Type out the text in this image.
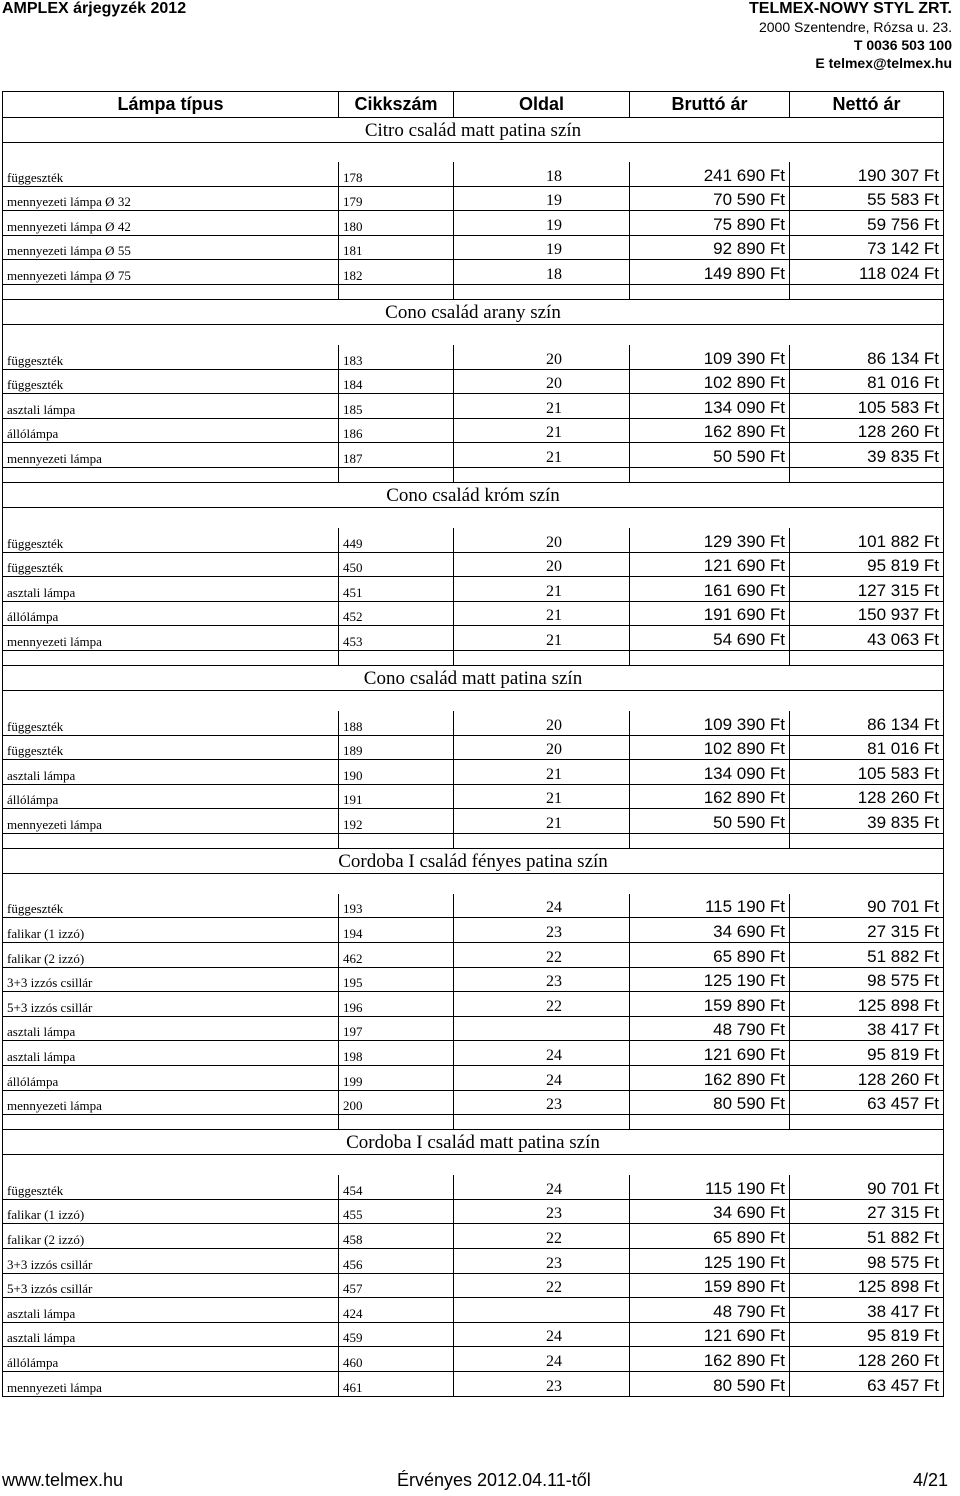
AMPLEX árjegyzék 2012	TELMEX-NOWY STYL ZRT.
2000 Szentendre, Rózsa u. 23.
T 0036 503 100
E telmex@telmex.hu
Lámpa típus	Cikkszám	Oldal	Bruttó ár	Nettó ár
Citro család matt patina szín				

függeszték	178	18	241 690 Ft	190 307 Ft
mennyezeti lámpa Ø 32	179	19	70 590 Ft	55 583 Ft
mennyezeti lámpa Ø 42	180	19	75 890 Ft	59 756 Ft
mennyezeti lámpa Ø 55	181	19	92 890 Ft	73 142 Ft
mennyezeti lámpa Ø 75	182	18	149 890 Ft	118 024 Ft

Cono család arany szín				

függeszték	183	20	109 390 Ft	86 134 Ft
függeszték	184	20	102 890 Ft	81 016 Ft
asztali lámpa	185	21	134 090 Ft	105 583 Ft
állólámpa	186	21	162 890 Ft	128 260 Ft
mennyezeti lámpa	187	21	50 590 Ft	39 835 Ft

Cono család króm szín				

függeszték	449	20	129 390 Ft	101 882 Ft
függeszték	450	20	121 690 Ft	95 819 Ft
asztali lámpa	451	21	161 690 Ft	127 315 Ft
állólámpa	452	21	191 690 Ft	150 937 Ft
mennyezeti lámpa	453	21	54 690 Ft	43 063 Ft

Cono család matt patina szín				

függeszték	188	20	109 390 Ft	86 134 Ft
függeszték	189	20	102 890 Ft	81 016 Ft
asztali lámpa	190	21	134 090 Ft	105 583 Ft
állólámpa	191	21	162 890 Ft	128 260 Ft
mennyezeti lámpa	192	21	50 590 Ft	39 835 Ft

Cordoba I család fényes patina szín				

függeszték	193	24	115 190 Ft	90 701 Ft
falikar (1 izzó)	194	23	34 690 Ft	27 315 Ft
falikar (2 izzó)	462	22	65 890 Ft	51 882 Ft
3+3 izzós csillár	195	23	125 190 Ft	98 575 Ft
5+3 izzós csillár	196	22	159 890 Ft	125 898 Ft
asztali lámpa	197		48 790 Ft	38 417 Ft
asztali lámpa	198	24	121 690 Ft	95 819 Ft
állólámpa	199	24	162 890 Ft	128 260 Ft
mennyezeti lámpa	200	23	80 590 Ft	63 457 Ft

Cordoba I család matt patina szín				

függeszték	454	24	115 190 Ft	90 701 Ft
falikar (1 izzó)	455	23	34 690 Ft	27 315 Ft
falikar (2 izzó)	458	22	65 890 Ft	51 882 Ft
3+3 izzós csillár	456	23	125 190 Ft	98 575 Ft
5+3 izzós csillár	457	22	159 890 Ft	125 898 Ft
asztali lámpa	424		48 790 Ft	38 417 Ft
asztali lámpa	459	24	121 690 Ft	95 819 Ft
állólámpa	460	24	162 890 Ft	128 260 Ft
mennyezeti lámpa	461	23	80 590 Ft	63 457 Ft
www.telmex.hu	Érvényes 2012.04.11-től	4/21
